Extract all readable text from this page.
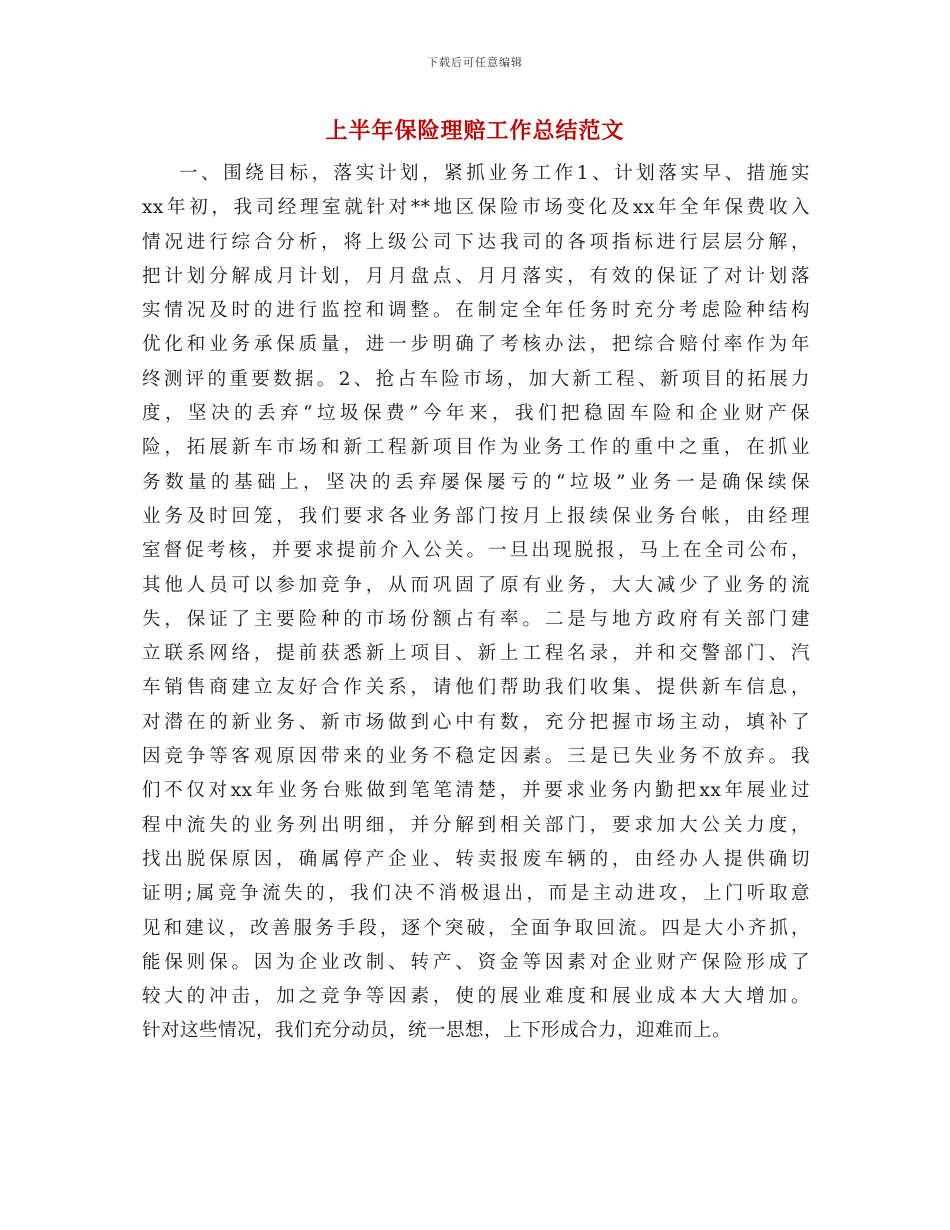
下载后可任意编辑
上半年保险理赔工作总结范文
一、围绕目标，落实计划，紧抓业务工作1、计划落实早、措施实
xx年初，我司经理室就针对**地区保险市场变化及xx年全年保费收入
情况进行综合分析，将上级公司下达我司的各项指标进行层层分解，
把计划分解成月计划，月月盘点、月月落实，有效的保证了对计划落
实情况及时的进行监控和调整。在制定全年任务时充分考虑险种结构
优化和业务承保质量，进一步明确了考核办法，把综合赔付率作为年
终测评的重要数据。2、抢占车险市场，加大新工程、新项目的拓展力
度，坚决的丢弃“垃圾保费”今年来，我们把稳固车险和企业财产保
险，拓展新车市场和新工程新项目作为业务工作的重中之重，在抓业
务数量的基础上，坚决的丢弃屡保屡亏的“垃圾”业务一是确保续保
业务及时回笼，我们要求各业务部门按月上报续保业务台帐，由经理
室督促考核，并要求提前介入公关。一旦出现脱报，马上在全司公布，
其他人员可以参加竞争，从而巩固了原有业务，大大减少了业务的流
失，保证了主要险种的市场份额占有率。二是与地方政府有关部门建
立联系网络，提前获悉新上项目、新上工程名录，并和交警部门、汽
车销售商建立友好合作关系，请他们帮助我们收集、提供新车信息，
对潜在的新业务、新市场做到心中有数，充分把握市场主动，填补了
因竞争等客观原因带来的业务不稳定因素。三是已失业务不放弃。我
们不仅对xx年业务台账做到笔笔清楚，并要求业务内勤把xx年展业过
程中流失的业务列出明细，并分解到相关部门，要求加大公关力度，
找出脱保原因，确属停产企业、转卖报废车辆的，由经办人提供确切
证明;属竞争流失的，我们决不消极退出，而是主动进攻，上门听取意
见和建议，改善服务手段，逐个突破，全面争取回流。四是大小齐抓，
能保则保。因为企业改制、转产、资金等因素对企业财产保险形成了
较大的冲击，加之竞争等因素，使的展业难度和展业成本大大增加。
针对这些情况，我们充分动员，统一思想，上下形成合力，迎难而上。
